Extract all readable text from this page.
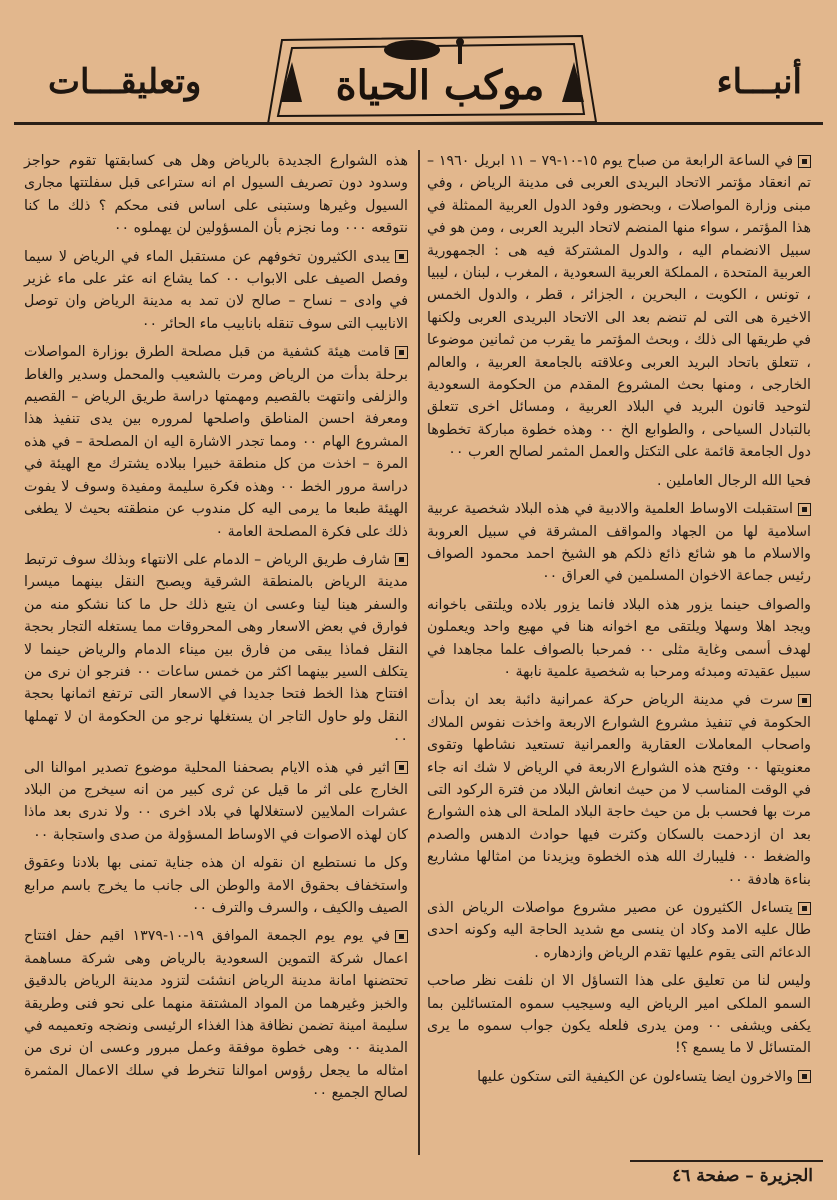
أنبـــاء
موكب الحياة
وتعليقـــات

في الساعة الرابعة من صباح يوم ١٥-١٠-٧٩ – ١١ ابريل ١٩٦٠ – تم انعقاد مؤتمر الاتحاد البريدى العربى فى مدينة الرياض ، وفي مبنى وزارة المواصلات ، وبحضور وفود الدول العربية الممثلة في هذا المؤتمر ، سواء منها المنضم لاتحاد البريد العربى ، ومن هو في سبيل الانضمام اليه ، والدول المشتركة فيه هى : الجمهورية العربية المتحدة ، المملكة العربية السعودية ، المغرب ، لبنان ، ليبيا ، تونس ، الكويت ، البحرين ، الجزائر ، قطر ، والدول الخمس الاخيرة هى التى لم تنضم بعد الى الاتحاد البريدى العربى ولكنها في طريقها الى ذلك ، وبحث المؤتمر ما يقرب من ثمانين موضوعا ، تتعلق باتحاد البريد العربى وعلاقته بالجامعة العربية ، والعالم الخارجى ، ومنها بحث المشروع المقدم من الحكومة السعودية لتوحيد قانون البريد في البلاد العربية ، ومسائل اخرى تتعلق بالتبادل السياحى ، والطوابع الخ ٠٠ وهذه خطوة مباركة تخطوها دول الجامعة قائمة على التكتل والعمل المثمر لصالح العرب ٠٠

فحيا الله الرجال العاملين .

استقبلت الاوساط العلمية والادبية في هذه البلاد شخصية عربية اسلامية لها من الجهاد والمواقف المشرقة في سبيل العروبة والاسلام ما هو شائع ذائع ذلكم هو الشيخ احمد محمود الصواف رئيس جماعة الاخوان المسلمين في العراق ٠٠

والصواف حينما يزور هذه البلاد فانما يزور بلاده ويلتقى باخوانه ويجد اهلا وسهلا ويلتقى مع اخوانه هنا في مهيع واحد ويعملون لهدف أسمى وغاية مثلى ٠٠ فمرحبا بالصواف علما مجاهدا في سبيل عقيدته ومبدئه ومرحبا به شخصية علمية نابهة ٠

سرت في مدينة الرياض حركة عمرانية دائبة بعد ان بدأت الحكومة في تنفيذ مشروع الشوارع الاربعة واخذت نفوس الملاك واصحاب المعاملات العقارية والعمرانية تستعيد نشاطها وتقوى معنويتها ٠٠ وفتح هذه الشوارع الاربعة في الرياض لا شك انه جاء في الوقت المناسب لا من حيث انعاش البلاد من فترة الركود التى مرت بها فحسب بل من حيث حاجة البلاد الملحة الى هذه الشوارع بعد ان ازدحمت بالسكان وكثرت فيها حوادث الدهس والصدم والضغط ٠٠ فليبارك الله هذه الخطوة ويزيدنا من امثالها مشاريع بناءة هادفة ٠٠

يتساءل الكثيرون عن مصير مشروع مواصلات الرياض الذى طال عليه الامد وكاد ان ينسى مع شديد الحاجة اليه وكونه احدى الدعائم التى يقوم عليها تقدم الرياض وازدهاره .

وليس لنا من تعليق على هذا التساؤل الا ان نلفت نظر صاحب السمو الملكى امير الرياض اليه وسيجيب سموه المتسائلين بما يكفى ويشفى ٠٠ ومن يدرى فلعله يكون جواب سموه ما يرى المتسائل لا ما يسمع ؟!

والاخرون ايضا يتساءلون عن الكيفية التى ستكون عليها

هذه الشوارع الجديدة بالرياض وهل هى كسابقتها تقوم حواجز وسدود دون تصريف السيول ام انه ستراعى قبل سفلتتها مجارى السيول وغيرها وستبنى على اساس فنى محكم ؟ ذلك ما كنا نتوقعه ٠٠٠ وما نجزم بأن المسؤولين لن يهملوه ٠٠

يبدى الكثيرون تخوفهم عن مستقبل الماء في الرياض لا سيما وفصل الصيف على الابواب ٠٠ كما يشاع انه عثر على ماء غزير في وادى – نساح – صالح لان تمد به مدينة الرياض وان توصل الانابيب التى سوف تنقله بانابيب ماء الحائر ٠٠

قامت هيئة كشفية من قبل مصلحة الطرق بوزارة المواصلات برحلة بدأت من الرياض ومرت بالشعيب والمحمل وسدير والغاط والزلفى وانتهت بالقصيم ومهمتها دراسة طريق الرياض – القصيم ومعرفة احسن المناطق واصلحها لمروره بين يدى تنفيذ هذا المشروع الهام ٠٠ ومما تجدر الاشارة اليه ان المصلحة – في هذه المرة – اخذت من كل منطقة خبيرا ببلاده يشترك مع الهيئة في دراسة مرور الخط ٠٠ وهذه فكرة سليمة ومفيدة وسوف لا يفوت الهيئة طبعا ما يرمى اليه كل مندوب عن منطقته بحيث لا يطغى ذلك على فكرة المصلحة العامة ٠

شارف طريق الرياض – الدمام على الانتهاء وبذلك سوف ترتبط مدينة الرياض بالمنطقة الشرقية ويصبح النقل بينهما ميسرا والسفر هينا لينا وعسى ان يتبع ذلك حل ما كنا نشكو منه من فوارق في بعض الاسعار وهى المحروقات مما يستغله التجار بحجة النقل فماذا يبقى من فارق بين ميناء الدمام والرياض حينما لا يتكلف السير بينهما اكثر من خمس ساعات ٠٠ فنرجو ان نرى من افتتاح هذا الخط فتحا جديدا في الاسعار التى ترتفع اثمانها بحجة النقل ولو حاول التاجر ان يستغلها نرجو من الحكومة ان لا تهملها ٠٠

اثير في هذه الايام بصحفنا المحلية موضوع تصدير اموالنا الى الخارج على اثر ما قيل عن ثرى كبير من انه سيخرج من البلاد عشرات الملايين لاستغلالها في بلاد اخرى ٠٠ ولا ندرى بعد ماذا كان لهذه الاصوات في الاوساط المسؤولة من صدى واستجابة ٠٠

وكل ما نستطيع ان نقوله ان هذه جناية تمنى بها بلادنا وعقوق واستخفاف بحقوق الامة والوطن الى جانب ما يخرج باسم مرابع الصيف والكيف ، والسرف والترف ٠٠

في يوم يوم الجمعة الموافق ١٩-١٠-١٣٧٩ اقيم حفل افتتاح اعمال شركة التموين السعودية بالرياض وهى شركة مساهمة تحتضنها امانة مدينة الرياض انشئت لتزود مدينة الرياض بالدقيق والخبز وغيرهما من المواد المشتقة منهما على نحو فنى وطريقة سليمة امينة تضمن نظافة هذا الغذاء الرئيسى ونضجه وتعميمه في المدينة ٠٠ وهى خطوة موفقة وعمل مبرور وعسى ان نرى من امثاله ما يجعل رؤوس اموالنا تنخرط في سلك الاعمال المثمرة لصالح الجميع ٠٠

الجزيرة – صفحة ٤٦
